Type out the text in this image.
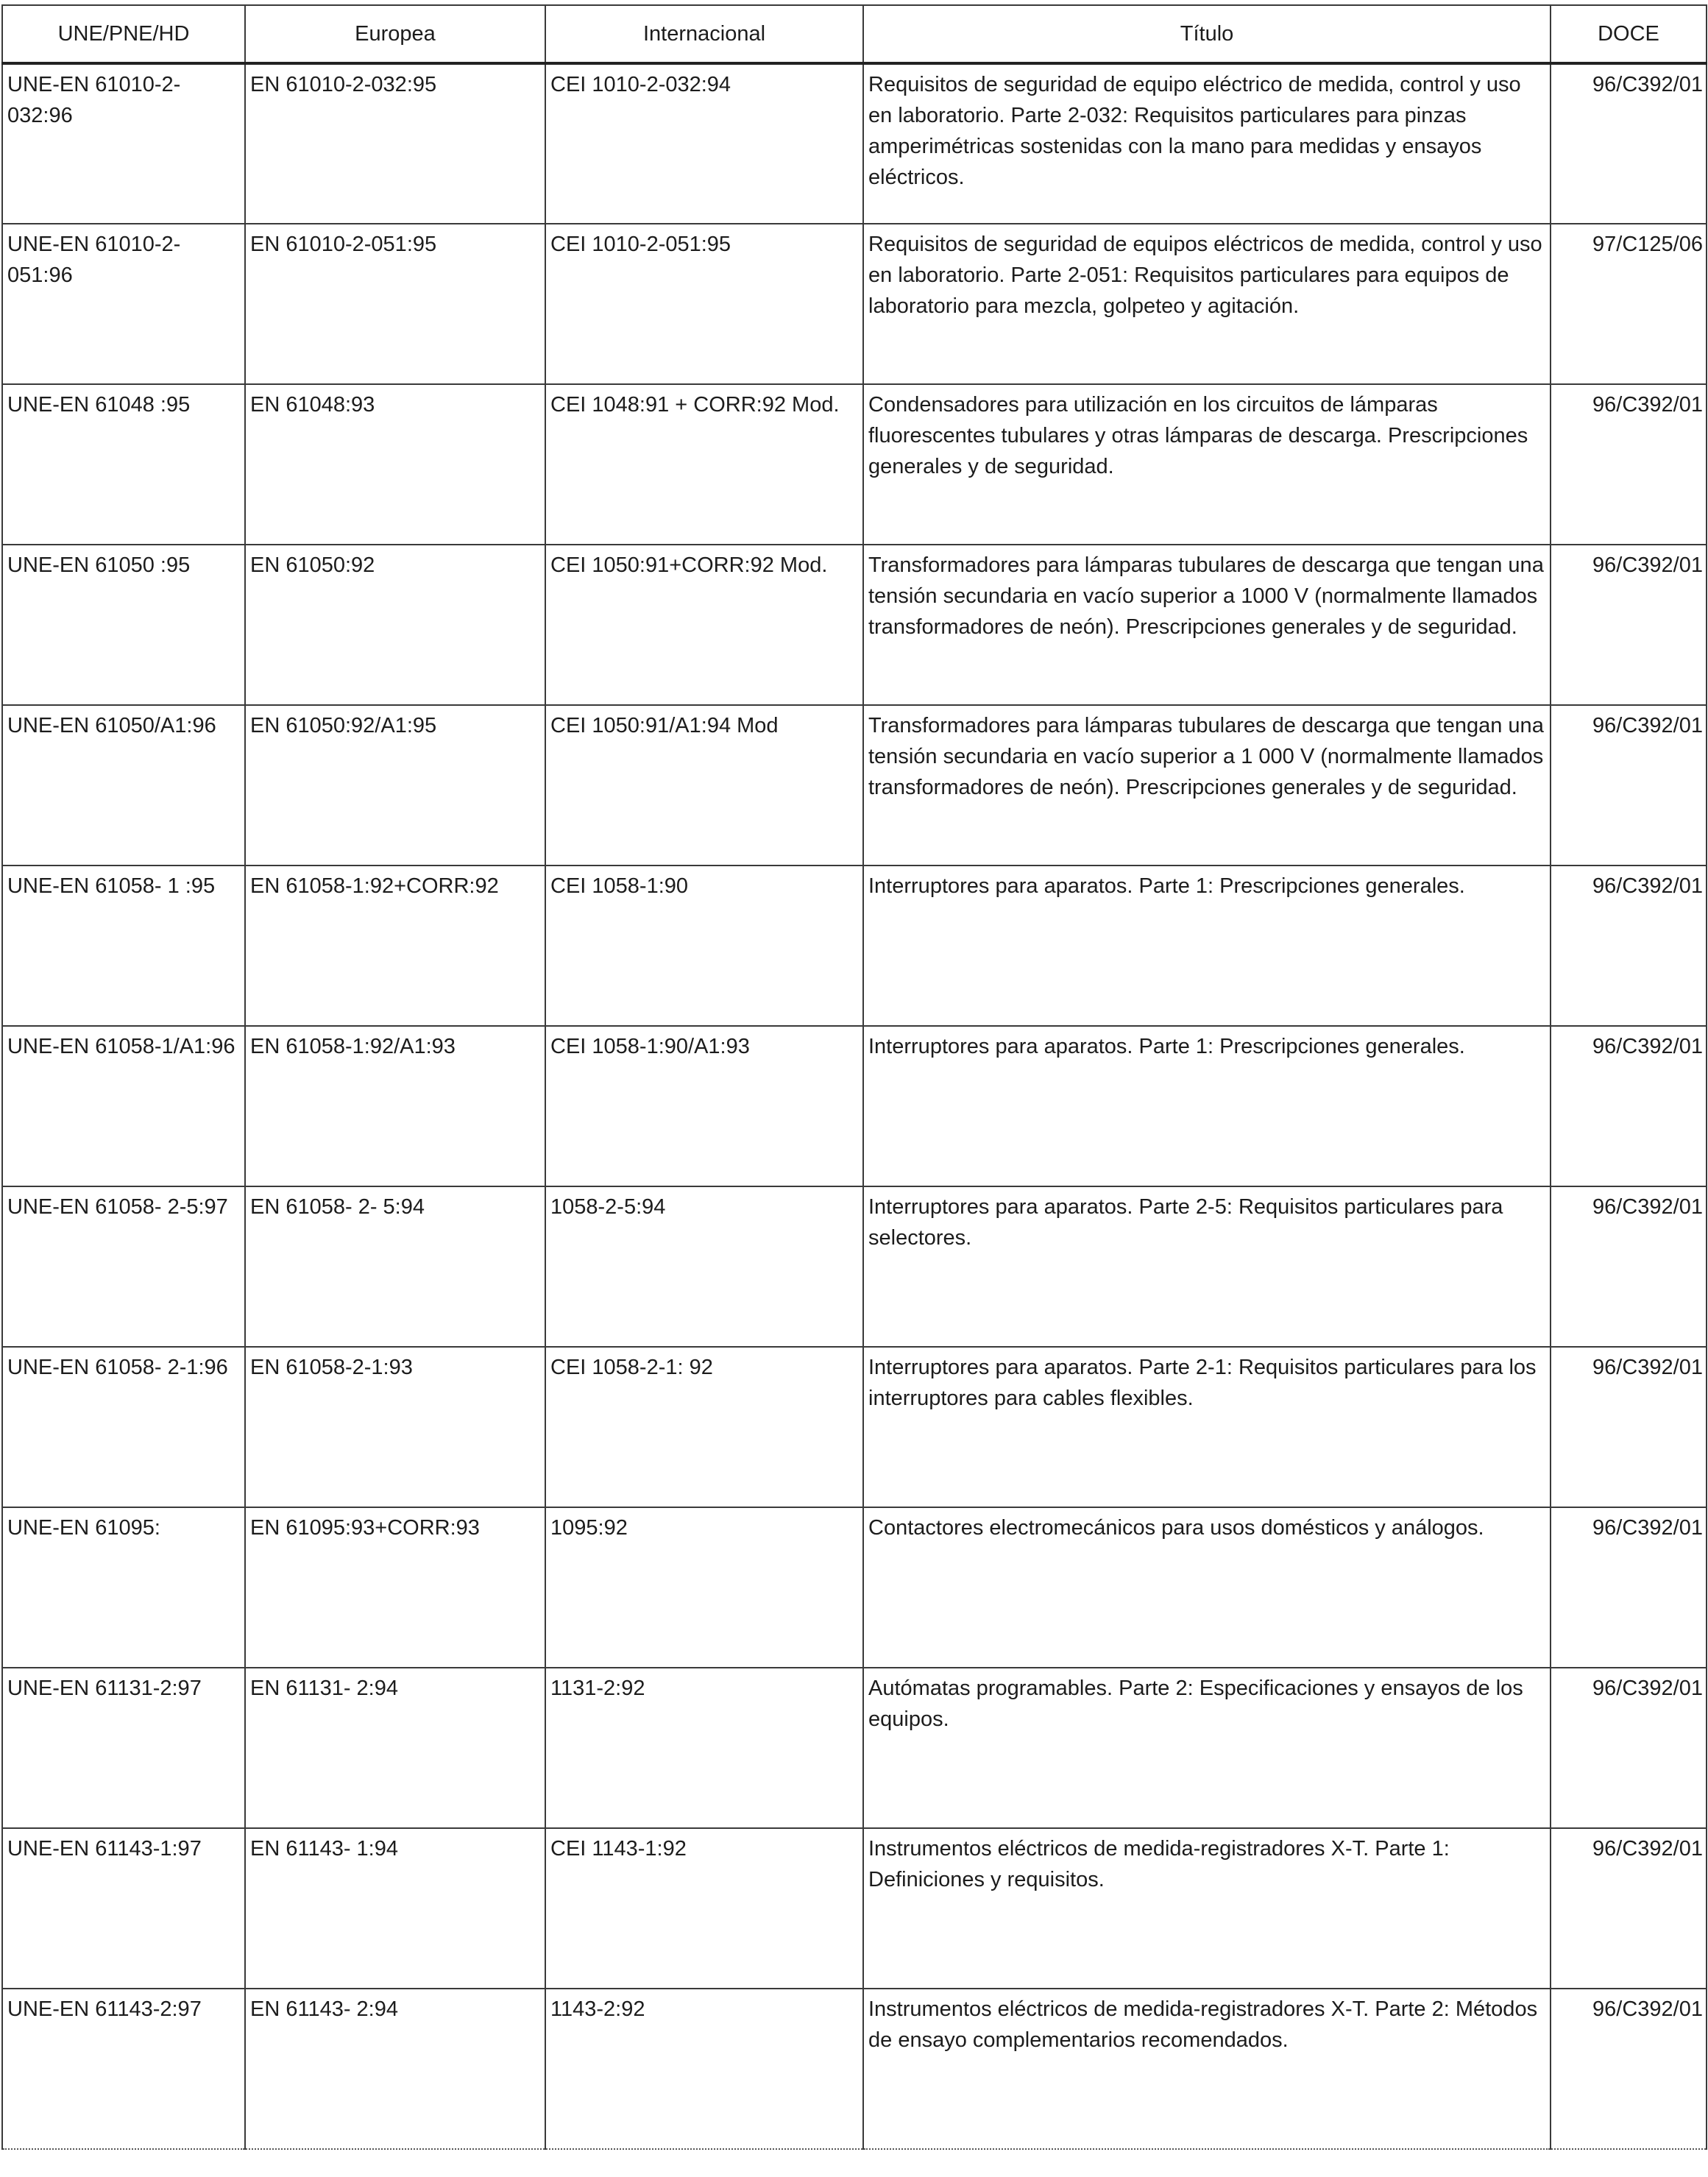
UNE/PNE/HD	Europea	Internacional	Título	DOCE
UNE-EN 61010-2-032:96	EN 61010-2-032:95	CEI 1010-2-032:94	Requisitos de seguridad de equipo eléctrico de medida, control y uso en laboratorio. Parte 2-032: Requisitos particulares para pinzas amperimétricas sostenidas con la mano para medidas y ensayos eléctricos.	96/C392/01
UNE-EN 61010-2-051:96	EN 61010-2-051:95	CEI 1010-2-051:95	Requisitos de seguridad de equipos eléctricos de medida, control y uso en laboratorio. Parte 2-051: Requisitos particulares para equipos de laboratorio para mezcla, golpeteo y agitación.	97/C125/06
UNE-EN 61048 :95	EN 61048:93	CEI 1048:91 + CORR:92 Mod.	Condensadores para utilización en los circuitos de lámparas fluorescentes tubulares y otras lámparas de descarga. Prescripciones generales y de seguridad.	96/C392/01
UNE-EN 61050 :95	EN 61050:92	CEI 1050:91+CORR:92 Mod.	Transformadores para lámparas tubulares de descarga que tengan una tensión secundaria en vacío superior a 1000 V (normalmente llamados transformadores de neón). Prescripciones generales y de seguridad.	96/C392/01
UNE-EN 61050/A1:96	EN 61050:92/A1:95	CEI 1050:91/A1:94 Mod	Transformadores para lámparas tubulares de descarga que tengan una tensión secundaria en vacío superior a 1 000 V (normalmente llamados transformadores de neón). Prescripciones generales y de seguridad.	96/C392/01
UNE-EN 61058- 1 :95	EN 61058-1:92+CORR:92	CEI 1058-1:90	Interruptores para aparatos. Parte 1: Prescripciones generales.	96/C392/01
UNE-EN 61058-1/A1:96	EN 61058-1:92/A1:93	CEI 1058-1:90/A1:93	Interruptores para aparatos. Parte 1: Prescripciones generales.	96/C392/01
UNE-EN 61058- 2-5:97	EN 61058- 2- 5:94	1058-2-5:94	Interruptores para aparatos. Parte 2-5: Requisitos particulares para selectores.	96/C392/01
UNE-EN 61058- 2-1:96	EN 61058-2-1:93	CEI 1058-2-1: 92	Interruptores para aparatos. Parte 2-1: Requisitos particulares para los interruptores para cables flexibles.	96/C392/01
UNE-EN 61095:	EN 61095:93+CORR:93	1095:92	Contactores electromecánicos para usos domésticos y análogos.	96/C392/01
UNE-EN 61131-2:97	EN 61131- 2:94	1131-2:92	Autómatas programables. Parte 2: Especificaciones y ensayos de los equipos.	96/C392/01
UNE-EN 61143-1:97	EN 61143- 1:94	CEI 1143-1:92	Instrumentos eléctricos de medida-registradores X-T. Parte 1: Definiciones y requisitos.	96/C392/01
UNE-EN 61143-2:97	EN 61143- 2:94	1143-2:92	Instrumentos eléctricos de medida-registradores X-T. Parte 2: Métodos de ensayo complementarios recomendados.	96/C392/01
